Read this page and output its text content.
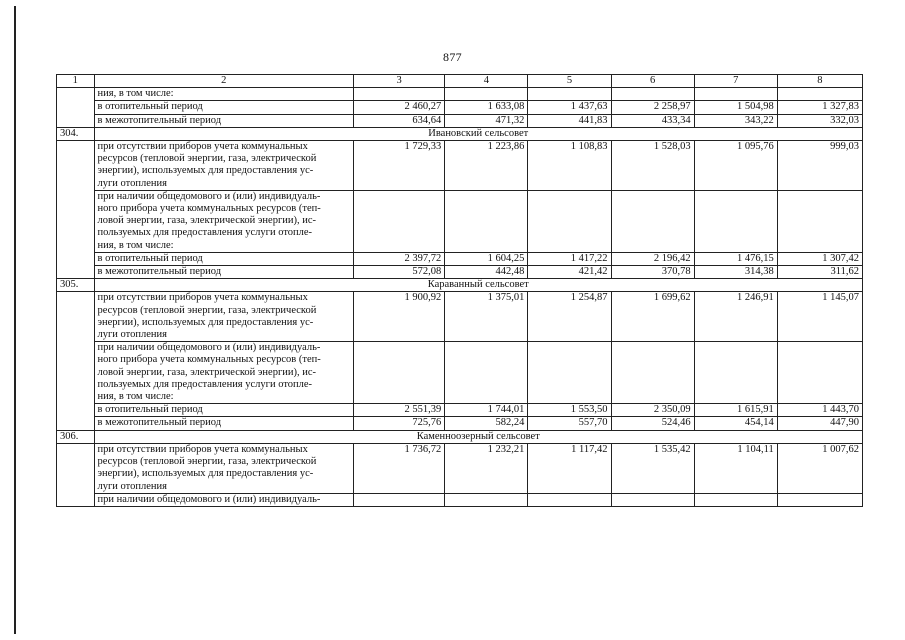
877
1	2	3	4	5	6	7	8
	ния, в том числе:						
	в отопительный период	2 460,27	1 633,08	1 437,63	2 258,97	1 504,98	1 327,83
	в межотопительный период	634,64	471,32	441,83	433,34	343,22	332,03
304.	Ивановский сельсовет						

	при отсутствии приборов учета коммунальных
ресурсов (тепловой энергии, газа, электрической
энергии), используемых для предоставления ус-
луги отопления	1 729,33	1 223,86	1 108,83	1 528,03	1 095,76	999,03

	при наличии общедомового и (или) индивидуаль-
ного прибора учета коммунальных ресурсов (теп-
ловой энергии, газа, электрической энергии), ис-
пользуемых для предоставления услуги отопле-
ния, в том числе:						

	в отопительный период	2 397,72	1 604,25	1 417,22	2 196,42	1 476,15	1 307,42
	в межотопительный период	572,08	442,48	421,42	370,78	314,38	311,62
305.	Караванный сельсовет						

	при отсутствии приборов учета коммунальных
ресурсов (тепловой энергии, газа, электрической
энергии), используемых для предоставления ус-
луги отопления	1 900,92	1 375,01	1 254,87	1 699,62	1 246,91	1 145,07

	при наличии общедомового и (или) индивидуаль-
ного прибора учета коммунальных ресурсов (теп-
ловой энергии, газа, электрической энергии), ис-
пользуемых для предоставления услуги отопле-
ния, в том числе:						

	в отопительный период	2 551,39	1 744,01	1 553,50	2 350,09	1 615,91	1 443,70
	в межотопительный период	725,76	582,24	557,70	524,46	454,14	447,90
306.	Каменноозерный сельсовет						

	при отсутствии приборов учета коммунальных
ресурсов (тепловой энергии, газа, электрической
энергии), используемых для предоставления ус-
луги отопления	1 736,72	1 232,21	1 117,42	1 535,42	1 104,11	1 007,62
	при наличии общедомового и (или) индивидуаль-						
